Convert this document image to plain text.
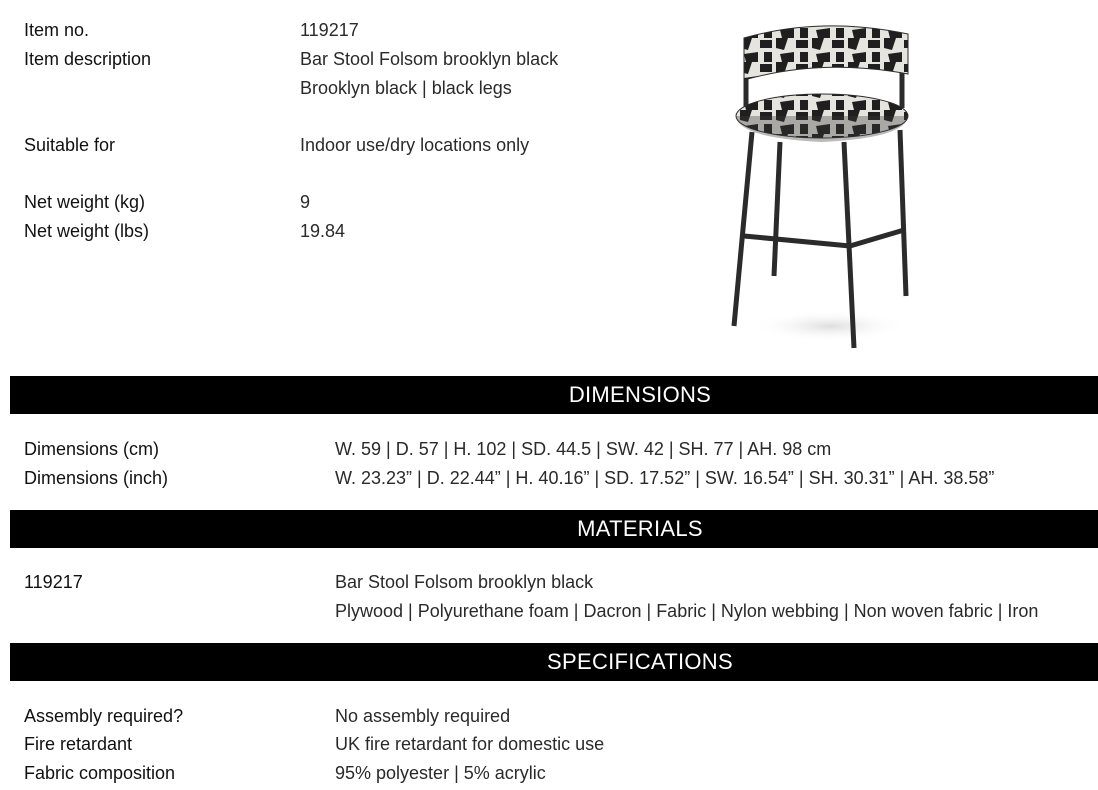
Item no.	119217
Item description	Bar Stool Folsom brooklyn black
Brooklyn black | black legs
Suitable for	Indoor use/dry locations only
Net weight (kg)	9
Net weight (lbs)	19.84
DIMENSIONS
Dimensions (cm)	W. 59 | D. 57 | H. 102 | SD. 44.5 | SW. 42 | SH. 77 | AH. 98 cm
Dimensions (inch)	W. 23.23” | D. 22.44” | H. 40.16” | SD. 17.52” | SW. 16.54” | SH. 30.31” | AH. 38.58”
MATERIALS
119217	Bar Stool Folsom brooklyn black
Plywood | Polyurethane foam | Dacron | Fabric | Nylon webbing | Non woven fabric | Iron
SPECIFICATIONS
Assembly required?	No assembly required
Fire retardant	UK fire retardant for domestic use
Fabric composition	95% polyester | 5% acrylic
